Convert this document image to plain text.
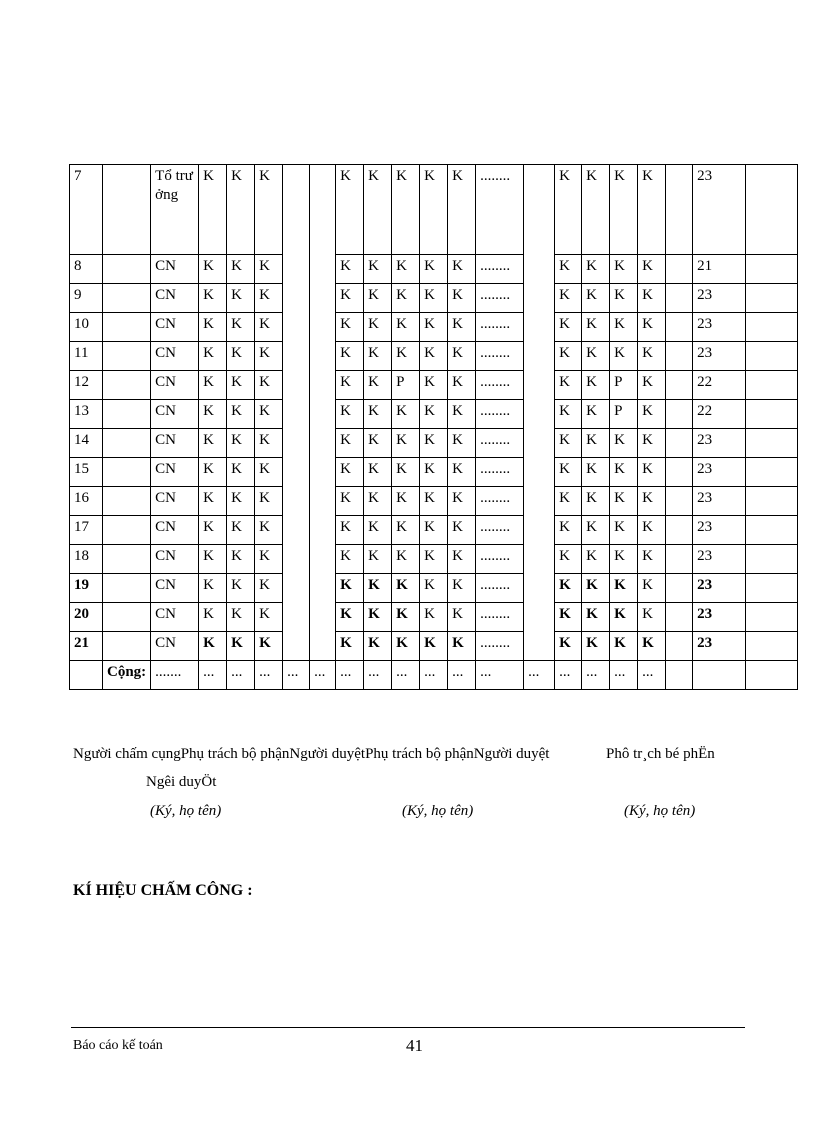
7		Tổ trưởng	K	K	K			K	K	K	K	K	........		K	K	K	K		23	
8		CN	K	K	K			K	K	K	K	K	........		K	K	K	K		21	
9		CN	K	K	K			K	K	K	K	K	........		K	K	K	K		23	
10		CN	K	K	K			K	K	K	K	K	........		K	K	K	K		23	
11		CN	K	K	K			K	K	K	K	K	........		K	K	K	K		23	
12		CN	K	K	K			K	K	P	K	K	........		K	K	P	K		22	
13		CN	K	K	K			K	K	K	K	K	........		K	K	P	K		22	
14		CN	K	K	K			K	K	K	K	K	........		K	K	K	K		23	
15		CN	K	K	K			K	K	K	K	K	........		K	K	K	K		23	
16		CN	K	K	K			K	K	K	K	K	........		K	K	K	K		23	
17		CN	K	K	K			K	K	K	K	K	........		K	K	K	K		23	
18		CN	K	K	K			K	K	K	K	K	........		K	K	K	K		23	
19		CN	K	K	K			K	K	K	K	K	........		K	K	K	K		23	
20		CN	K	K	K			K	K	K	K	K	........		K	K	K	K		23	
21		CN	K	K	K			K	K	K	K	K	........		K	K	K	K		23	
	Cộng:	.......	...	...	...	...	...	...	...	...	...	...	...	...	...	...	...	...			
Người chấm cụngPhụ trách bộ phậnNgười duyệtPhụ trách bộ phậnNgười duyệt	Phô tr¸ch bé phËn
Ngêi duyÖt
(Ký, họ tên)	(Ký, họ tên)	(Ký, họ tên)
KÍ HIỆU CHẤM CÔNG :
Báo cáo kế toán	41
